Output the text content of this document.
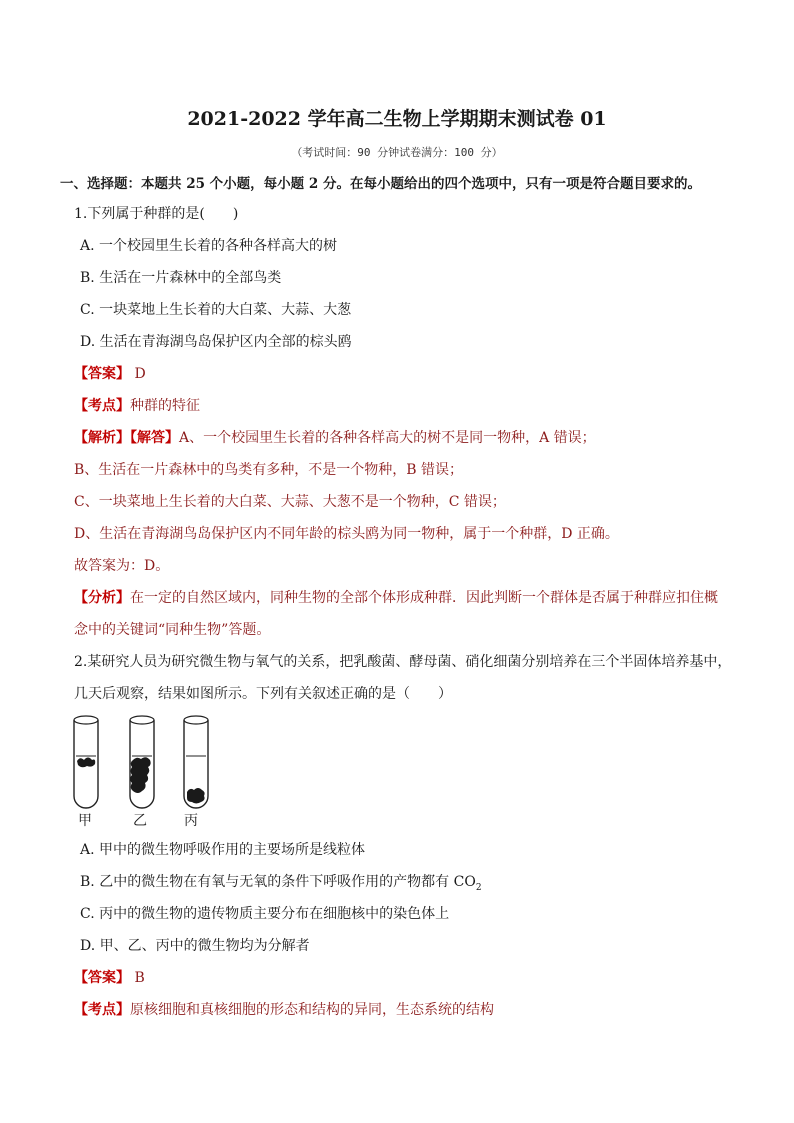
2021-2022 学年高二生物上学期期末测试卷 01
（考试时间：90 分钟试卷满分：100 分）
一、选择题：本题共 25 个小题，每小题 2 分。在每小题给出的四个选项中，只有一项是符合题目要求的。
1.下列属于种群的是(　　)
A. 一个校园里生长着的各种各样高大的树
B. 生活在一片森林中的全部鸟类
C. 一块菜地上生长着的大白菜、大蒜、大葱
D. 生活在青海湖鸟岛保护区内全部的棕头鸥
【答案】 D
【考点】种群的特征
【解析】【解答】A、一个校园里生长着的各种各样高大的树不是同一物种，A 错误；
B、生活在一片森林中的鸟类有多种，不是一个物种，B 错误；
C、一块菜地上生长着的大白菜、大蒜、大葱不是一个物种，C 错误；
D、生活在青海湖鸟岛保护区内不同年龄的棕头鸥为同一物种，属于一个种群，D 正确。
故答案为：D。
【分析】在一定的自然区域内，同种生物的全部个体形成种群．因此判断一个群体是否属于种群应扣住概
念中的关键词“同种生物”答题。
2.某研究人员为研究微生物与氧气的关系，把乳酸菌、酵母菌、硝化细菌分别培养在三个半固体培养基中，
几天后观察，结果如图所示。下列有关叙述正确的是（　　）
甲	乙	丙
A. 甲中的微生物呼吸作用的主要场所是线粒体
B. 乙中的微生物在有氧与无氧的条件下呼吸作用的产物都有 $CO_2$
C. 丙中的微生物的遗传物质主要分布在细胞核中的染色体上
D. 甲、乙、丙中的微生物均为分解者
【答案】 B
【考点】原核细胞和真核细胞的形态和结构的异同，生态系统的结构
